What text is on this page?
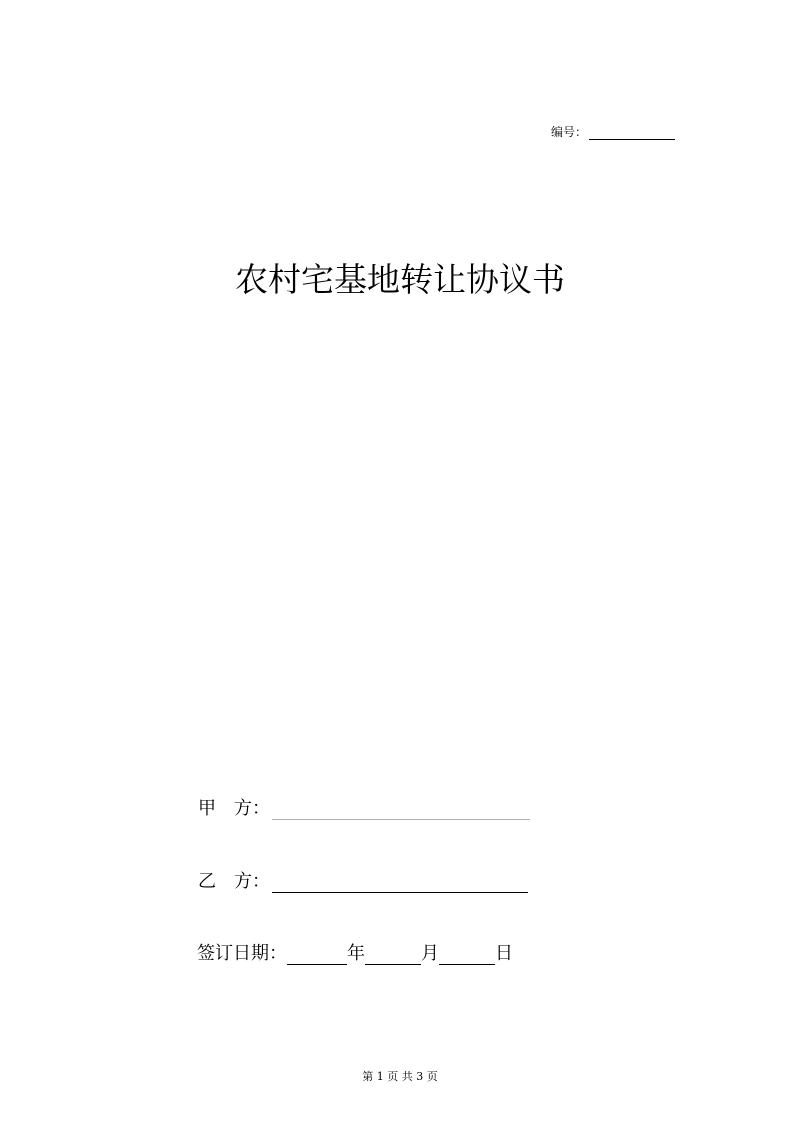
编号：
农村宅基地转让协议书
甲　方：
乙　方：
签订日期：	年	月	日
第 1 页 共 3 页
